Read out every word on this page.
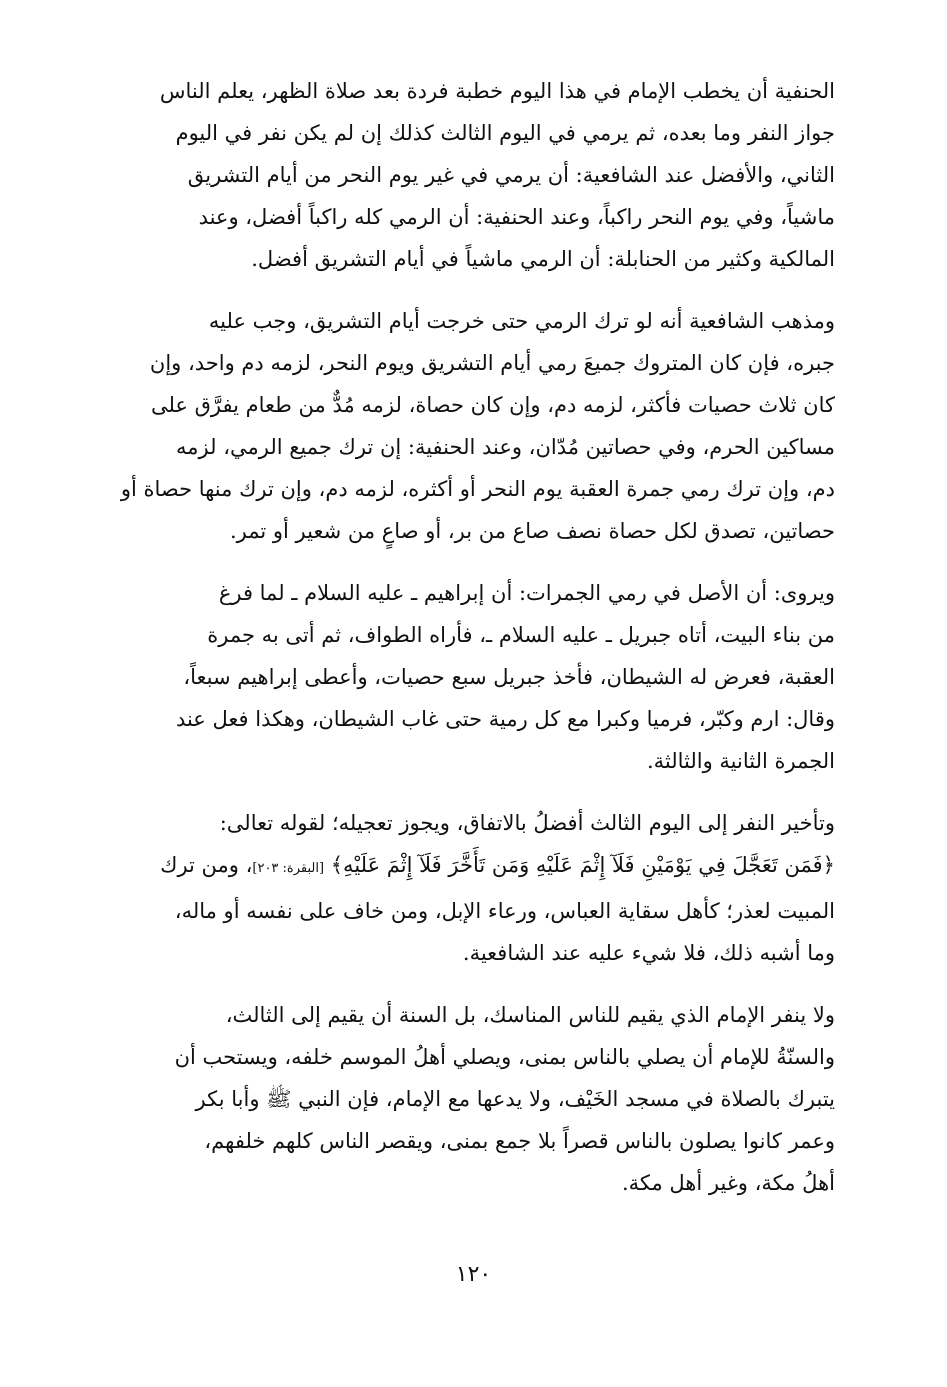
الحنفية أن يخطب الإمام في هذا اليوم خطبة فردة بعد صلاة الظهر، يعلم الناس
جواز النفر وما بعده، ثم يرمي في اليوم الثالث كذلك إن لم يكن نفر في اليوم
الثاني، والأفضل عند الشافعية: أن يرمي في غير يوم النحر من أيام التشريق
ماشياً، وفي يوم النحر راكباً، وعند الحنفية: أن الرمي كله راكباً أفضل، وعند
المالكية وكثير من الحنابلة: أن الرمي ماشياً في أيام التشريق أفضل.

ومذهب الشافعية أنه لو ترك الرمي حتى خرجت أيام التشريق، وجب عليه
جبره، فإن كان المتروك جميعَ رمي أيام التشريق ويوم النحر، لزمه دم واحد، وإن
كان ثلاث حصيات فأكثر، لزمه دم، وإن كان حصاة، لزمه مُدٌّ من طعام يفرَّق على
مساكين الحرم، وفي حصاتين مُدّان، وعند الحنفية: إن ترك جميع الرمي، لزمه
دم، وإن ترك رمي جمرة العقبة يوم النحر أو أكثره، لزمه دم، وإن ترك منها حصاة أو
حصاتين، تصدق لكل حصاة نصف صاع من بر، أو صاعٍ من شعير أو تمر.

ويروى: أن الأصل في رمي الجمرات: أن إبراهيم ـ عليه السلام ـ لما فرغ
من بناء البيت، أتاه جبريل ـ عليه السلام ـ، فأراه الطواف، ثم أتى به جمرة
العقبة، فعرض له الشيطان، فأخذ جبريل سبع حصيات، وأعطى إبراهيم سبعاً،
وقال: ارم وكبّر، فرميا وكبرا مع كل رمية حتى غاب الشيطان، وهكذا فعل عند
الجمرة الثانية والثالثة.

وتأخير النفر إلى اليوم الثالث أفضلُ بالاتفاق، ويجوز تعجيله؛ لقوله تعالى:
﴿فَمَن تَعَجَّلَ فِي يَوْمَيْنِ فَلَآ إِثْمَ عَلَيْهِ وَمَن تَأَخَّرَ فَلَآ إِثْمَ عَلَيْهِ﴾ [البقرة: ٢٠٣]، ومن ترك
المبيت لعذر؛ كأهل سقاية العباس، ورعاء الإبل، ومن خاف على نفسه أو ماله،
وما أشبه ذلك، فلا شيء عليه عند الشافعية.

ولا ينفر الإمام الذي يقيم للناس المناسك، بل السنة أن يقيم إلى الثالث،
والسنّةُ للإمام أن يصلي بالناس بمنى، ويصلي أهلُ الموسم خلفه، ويستحب أن
يتبرك بالصلاة في مسجد الخَيْف، ولا يدعها مع الإمام، فإن النبي ﷺ وأبا بكر
وعمر كانوا يصلون بالناس قصراً بلا جمع بمنى، ويقصر الناس كلهم خلفهم،
أهلُ مكة، وغير أهل مكة.

١٢٠
